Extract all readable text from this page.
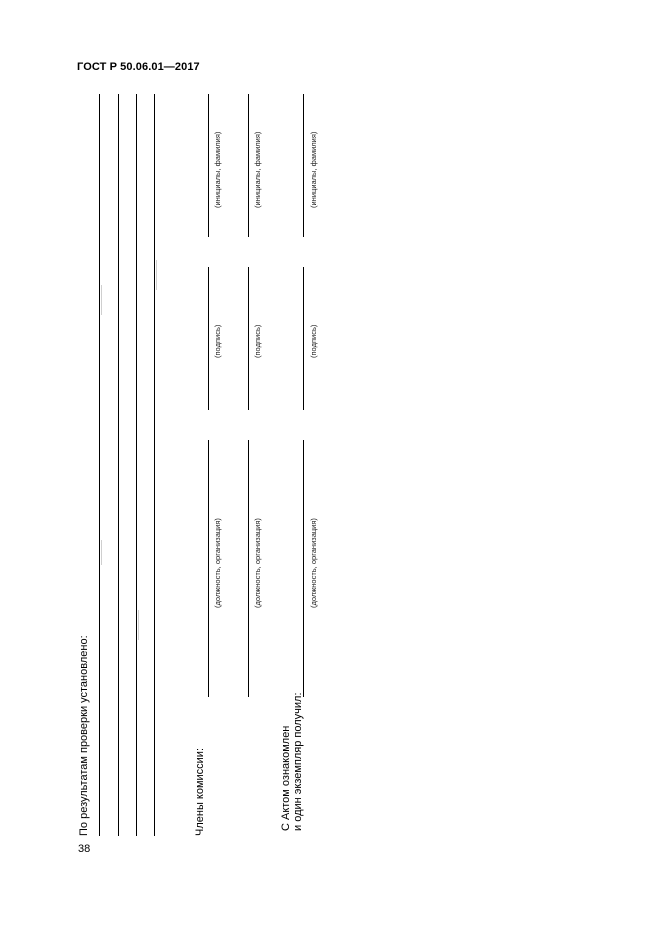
ГОСТ Р 50.06.01—2017
По результатам проверки установлено:	Члены комиссии:
(инициалы, фамилия)
(подпись)
(должность, организация)
(инициалы, фамилия)
(подпись)
(должность, организация)
С Актом ознакомлен и один экземпляр получил:
(инициалы, фамилия)
(подпись)
(должность, организация)
38
